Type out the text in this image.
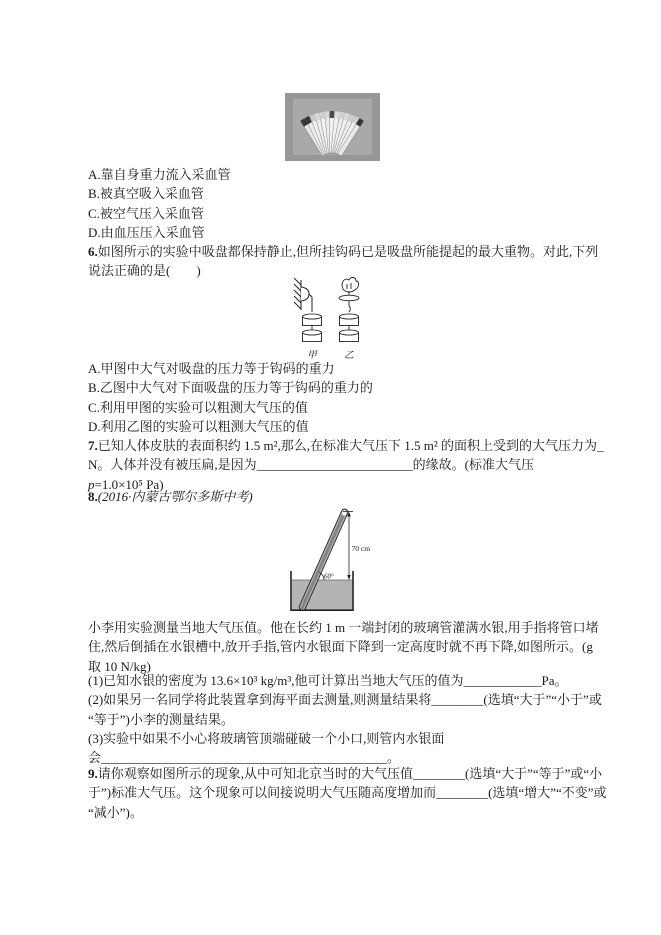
A.靠自身重力流入采血管
B.被真空吸入采血管
C.被空气压入采血管
D.由血压压入采血管
6.如图所示的实验中吸盘都保持静止,但所挂钩码已是吸盘所能提起的最大重物。对此,下列
说法正确的是(　　)
甲	乙
A.甲图中大气对吸盘的压力等于钩码的重力
B.乙图中大气对下面吸盘的压力等于钩码的重力的
C.利用甲图的实验可以粗测大气压的值
D.利用乙图的实验可以粗测大气压的值
7.已知人体皮肤的表面积约 1.5 m²,那么,在标准大气压下 1.5 m² 的面积上受到的大气压力为_
N。人体并没有被压扁,是因为________________________的缘故。(标准大气压
p=1.0×10⁵ Pa)
8.(2016·内蒙古鄂尔多斯中考)
70 cm
60°
小李用实验测量当地大气压值。他在长约 1 m 一端封闭的玻璃管灌满水银,用手指将管口堵
住,然后倒插在水银槽中,放开手指,管内水银面下降到一定高度时就不再下降,如图所示。(g
取 10 N/kg)
(1)已知水银的密度为 13.6×10³ kg/m³,他可计算出当地大气压的值为____________Pa。
(2)如果另一名同学将此装置拿到海平面去测量,则测量结果将________(选填“大于”“小于”或
“等于”)小李的测量结果。
(3)实验中如果不小心将玻璃管顶端碰破一个小口,则管内水银面
会____________________________________________。
9.请你观察如图所示的现象,从中可知北京当时的大气压值________(选填“大于”“等于”或“小
于”)标准大气压。这个现象可以间接说明大气压随高度增加而________(选填“增大”“不变”或
“减小”)。
